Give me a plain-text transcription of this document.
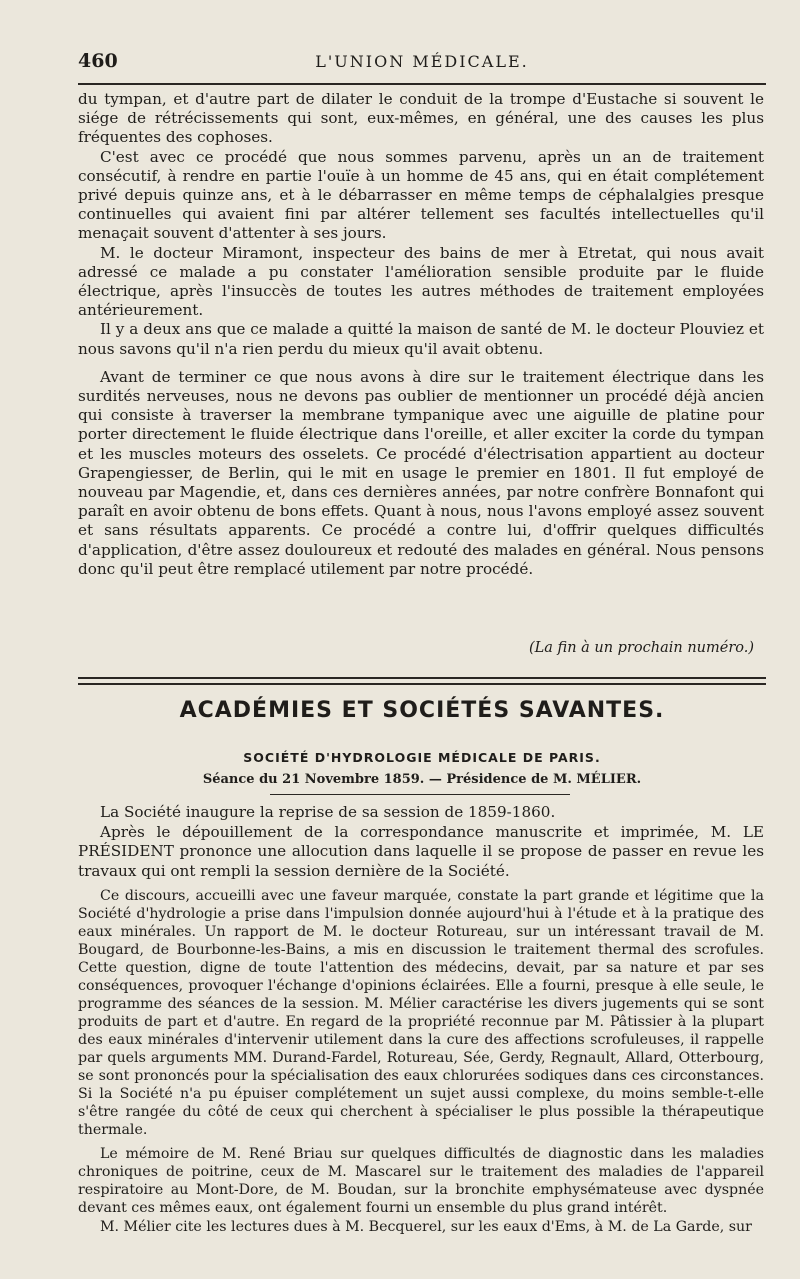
460	L'UNION MÉDICALE.

du tympan, et d'autre part de dilater le conduit de la trompe d'Eustache si souvent le siége de rétrécissements qui sont, eux-mêmes, en général, une des causes les plus fréquentes des cophoses.

C'est avec ce procédé que nous sommes parvenu, après un an de traitement consécutif, à rendre en partie l'ouïe à un homme de 45 ans, qui en était complétement privé depuis quinze ans, et à le débarrasser en même temps de céphalalgies presque continuelles qui avaient fini par altérer tellement ses facultés intellectuelles qu'il menaçait souvent d'attenter à ses jours.

M. le docteur Miramont, inspecteur des bains de mer à Etretat, qui nous avait adressé ce malade a pu constater l'amélioration sensible produite par le fluide électrique, après l'insuccès de toutes les autres méthodes de traitement employées antérieurement.

Il y a deux ans que ce malade a quitté la maison de santé de M. le docteur Plouviez et nous savons qu'il n'a rien perdu du mieux qu'il avait obtenu.

Avant de terminer ce que nous avons à dire sur le traitement électrique dans les surdités nerveuses, nous ne devons pas oublier de mentionner un procédé déjà ancien qui consiste à traverser la membrane tympanique avec une aiguille de platine pour porter directement le fluide électrique dans l'oreille, et aller exciter la corde du tympan et les muscles moteurs des osselets. Ce procédé d'électrisation appartient au docteur Grapengiesser, de Berlin, qui le mit en usage le premier en 1801. Il fut employé de nouveau par Magendie, et, dans ces dernières années, par notre confrère Bonnafont qui paraît en avoir obtenu de bons effets. Quant à nous, nous l'avons employé assez souvent et sans résultats apparents. Ce procédé a contre lui, d'offrir quelques difficultés d'application, d'être assez douloureux et redouté des malades en général. Nous pensons donc qu'il peut être remplacé utilement par notre procédé.

(La fin à un prochain numéro.)
ACADÉMIES ET SOCIÉTÉS SAVANTES.
SOCIÉTÉ D'HYDROLOGIE MÉDICALE DE PARIS.
Séance du 21 Novembre 1859. — Présidence de M. MÉLIER.

La Société inaugure la reprise de sa session de 1859-1860.

Après le dépouillement de la correspondance manuscrite et imprimée, M. LE PRÉSIDENT prononce une allocution dans laquelle il se propose de passer en revue les travaux qui ont rempli la session dernière de la Société.

Ce discours, accueilli avec une faveur marquée, constate la part grande et légitime que la Société d'hydrologie a prise dans l'impulsion donnée aujourd'hui à l'étude et à la pratique des eaux minérales. Un rapport de M. le docteur Rotureau, sur un intéressant travail de M. Bougard, de Bourbonne-les-Bains, a mis en discussion le traitement thermal des scrofules. Cette question, digne de toute l'attention des médecins, devait, par sa nature et par ses conséquences, provoquer l'échange d'opinions éclairées. Elle a fourni, presque à elle seule, le programme des séances de la session. M. Mélier caractérise les divers jugements qui se sont produits de part et d'autre. En regard de la propriété reconnue par M. Pâtissier à la plupart des eaux minérales d'intervenir utilement dans la cure des affections scrofuleuses, il rappelle par quels arguments MM. Durand-Fardel, Rotureau, Sée, Gerdy, Regnault, Allard, Otterbourg, se sont prononcés pour la spécialisation des eaux chlorurées sodiques dans ces circonstances. Si la Société n'a pu épuiser complétement un sujet aussi complexe, du moins semble-t-elle s'être rangée du côté de ceux qui cherchent à spécialiser le plus possible la thérapeutique thermale.

Le mémoire de M. René Briau sur quelques difficultés de diagnostic dans les maladies chroniques de poitrine, ceux de M. Mascarel sur le traitement des maladies de l'appareil respiratoire au Mont-Dore, de M. Boudan, sur la bronchite emphysémateuse avec dyspnée devant ces mêmes eaux, ont également fourni un ensemble du plus grand intérêt.

M. Mélier cite les lectures dues à M. Becquerel, sur les eaux d'Ems, à M. de La Garde, sur
